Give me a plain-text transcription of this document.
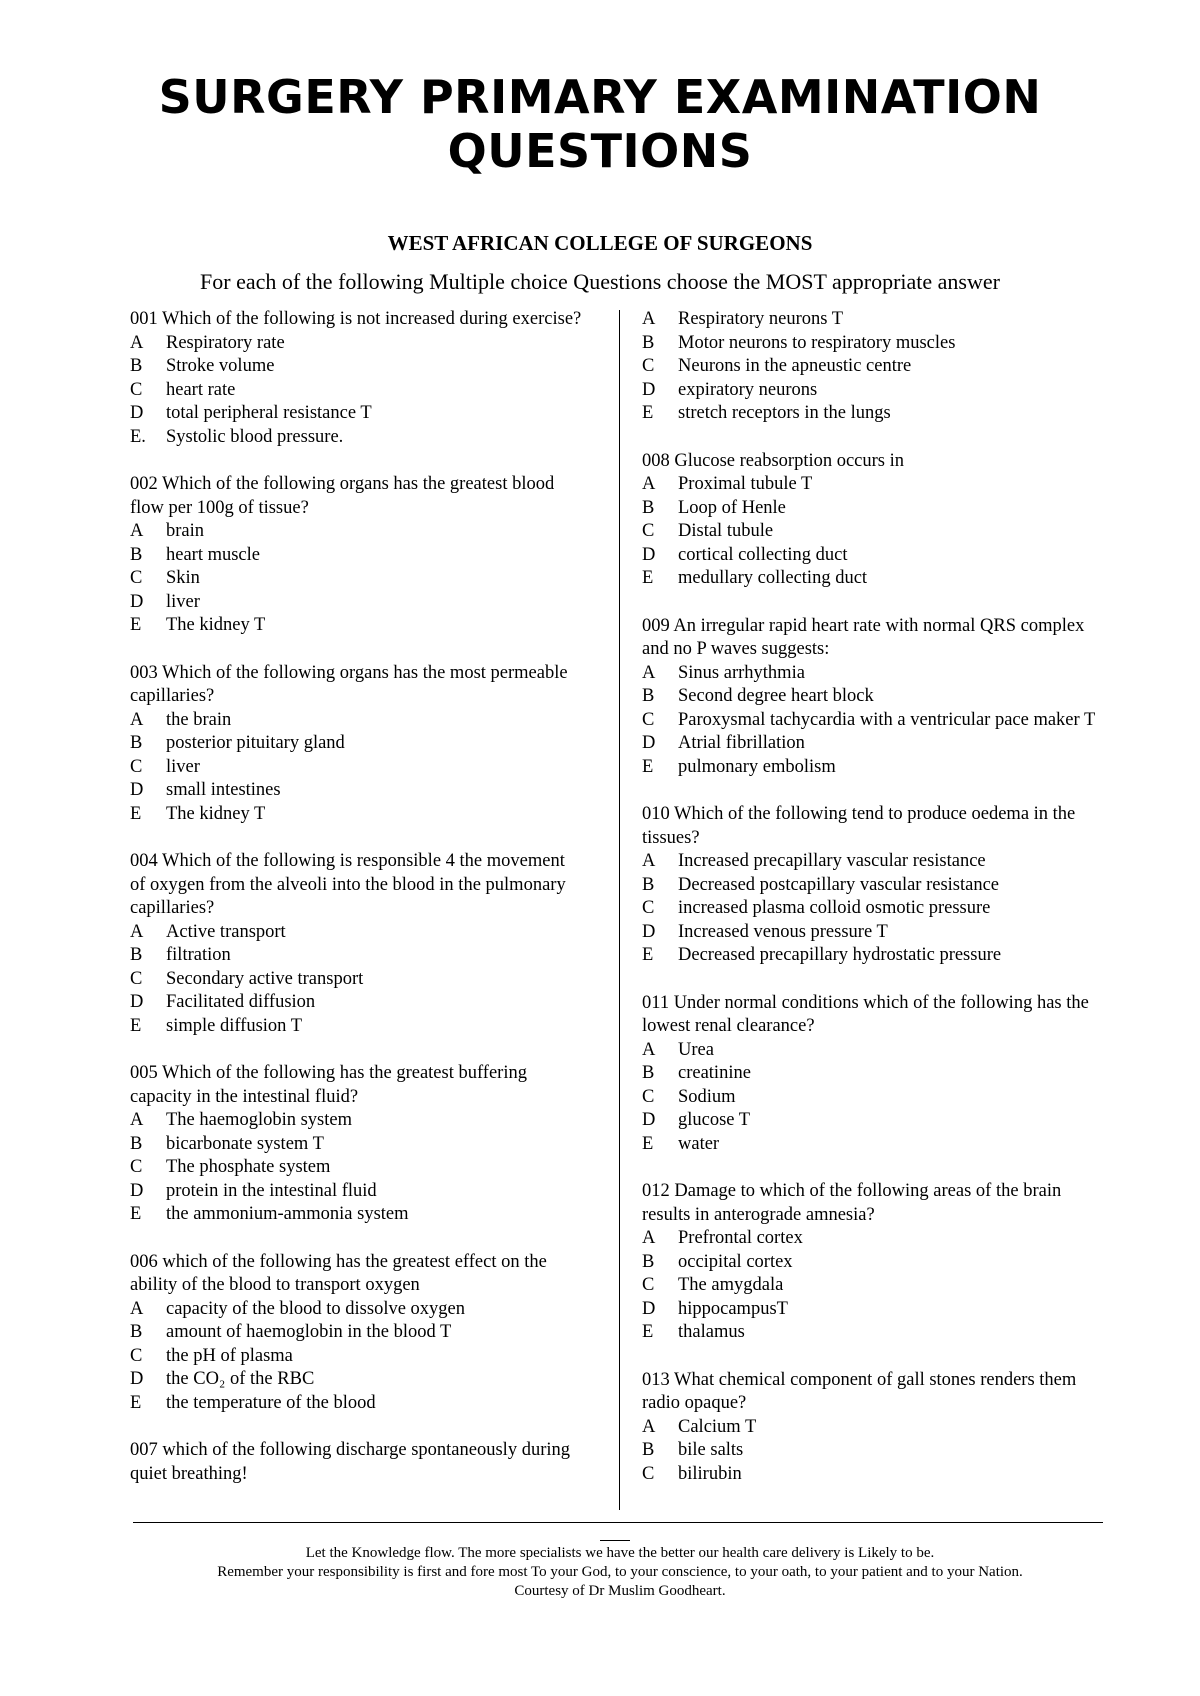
SURGERY PRIMARY EXAMINATION
QUESTIONS
WEST AFRICAN COLLEGE OF SURGEONS
For each of the following Multiple choice Questions choose the MOST appropriate answer

001 Which of the following is not increased during exercise?

A	Respiratory rate
B	Stroke volume
C	heart rate
D	total peripheral resistance T
E.	Systolic blood pressure.

002 Which of the following organs has the greatest blood flow per 100g of tissue?

A	brain
B	heart muscle
C	Skin
D	liver
E	The kidney T

003 Which of the following organs has the most permeable capillaries?

A	the brain
B	posterior pituitary gland
C	liver
D	small intestines
E	The kidney T

004 Which of the following is responsible 4 the movement of oxygen from the alveoli into the blood in the pulmonary capillaries?

A	Active transport
B	filtration
C	Secondary active transport
D	Facilitated diffusion
E	simple diffusion T

005 Which of the following has the greatest buffering capacity in the intestinal fluid?

A	The haemoglobin system
B	bicarbonate system T
C	The phosphate system
D	protein in the intestinal fluid
E	the ammonium-ammonia system

006 which of the following has the greatest effect on the ability of the blood to transport oxygen

A	capacity of the blood to dissolve oxygen
B	amount of haemoglobin in the blood T
C	the pH of plasma
D	the CO₂ of the RBC
E	the temperature of the blood

007 which of the following discharge spontaneously during quiet breathing!

A	Respiratory neurons T
B	Motor neurons to respiratory muscles
C	Neurons in the apneustic centre
D	expiratory neurons
E	stretch receptors in the lungs

008 Glucose reabsorption occurs in

A	Proximal tubule T
B	Loop of Henle
C	Distal tubule
D	cortical collecting duct
E	medullary collecting duct

009 An irregular rapid heart rate with normal QRS complex and no P waves suggests:

A	Sinus arrhythmia
B	Second degree heart block
C	Paroxysmal tachycardia with a ventricular pace maker T
D	Atrial fibrillation
E	pulmonary embolism

010 Which of the following tend to produce oedema in the tissues?

A	Increased precapillary vascular resistance
B	Decreased postcapillary vascular resistance
C	increased plasma colloid osmotic pressure
D	Increased venous pressure T
E	Decreased precapillary hydrostatic pressure

011 Under normal conditions which of the following has the lowest renal clearance?

A	Urea
B	creatinine
C	Sodium
D	glucose T
E	water

012 Damage to which of the following areas of the brain results in anterograde amnesia?

A	Prefrontal cortex
B	occipital cortex
C	The amygdala
D	hippocampusT
E	thalamus

013 What chemical component of gall stones renders them radio opaque?

A	Calcium T
B	bile salts
C	bilirubin

Let the Knowledge flow. The more specialists we have the better our health care delivery is Likely to be.

Remember your responsibility is first and fore most To your God, to your conscience, to your oath, to your patient and to your Nation.

Courtesy of Dr Muslim Goodheart.
